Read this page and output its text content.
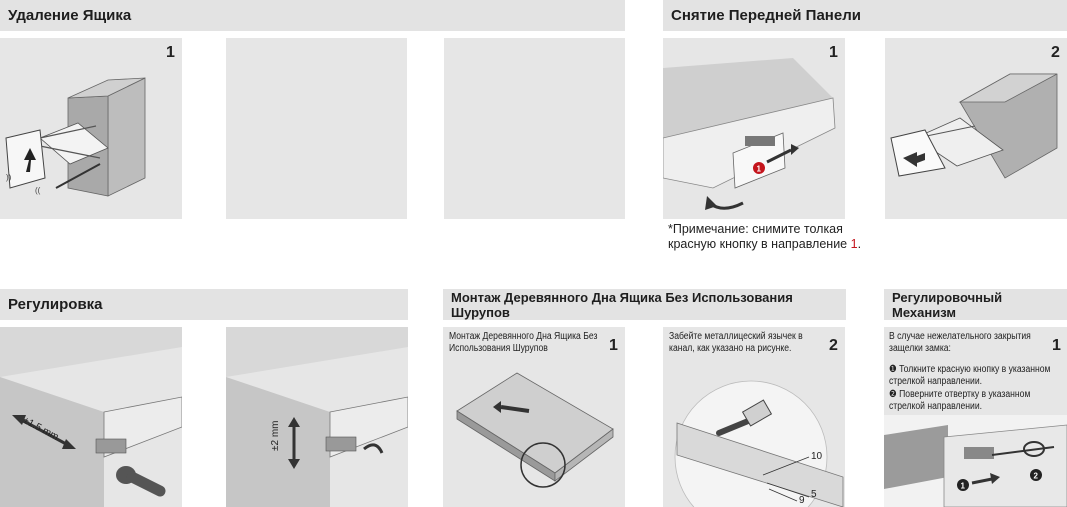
Удаление Ящика	Снятие Передней Панели
Регулировка	Монтаж Деревянного Дна Ящика Без Использования Шурупов
Регулировочный Механизм
))
((
1
1
1	2
*Примечание: снимите толкая красную кнопку в направление 1.
±1.5 mm	±2 mm
Монтаж Деревянного Дна Ящика Без Использования Шурупов	1
Забейте металлицеский язычек в канал, как указано на рисунке.	2
10
5
9
1
2
1
В случае нежелательного закрытия защелки замка:
❶ Толкните красную кнопку в указанном стрелкой направлении.
❷ Поверните отвертку в указанном стрелкой направлении.
